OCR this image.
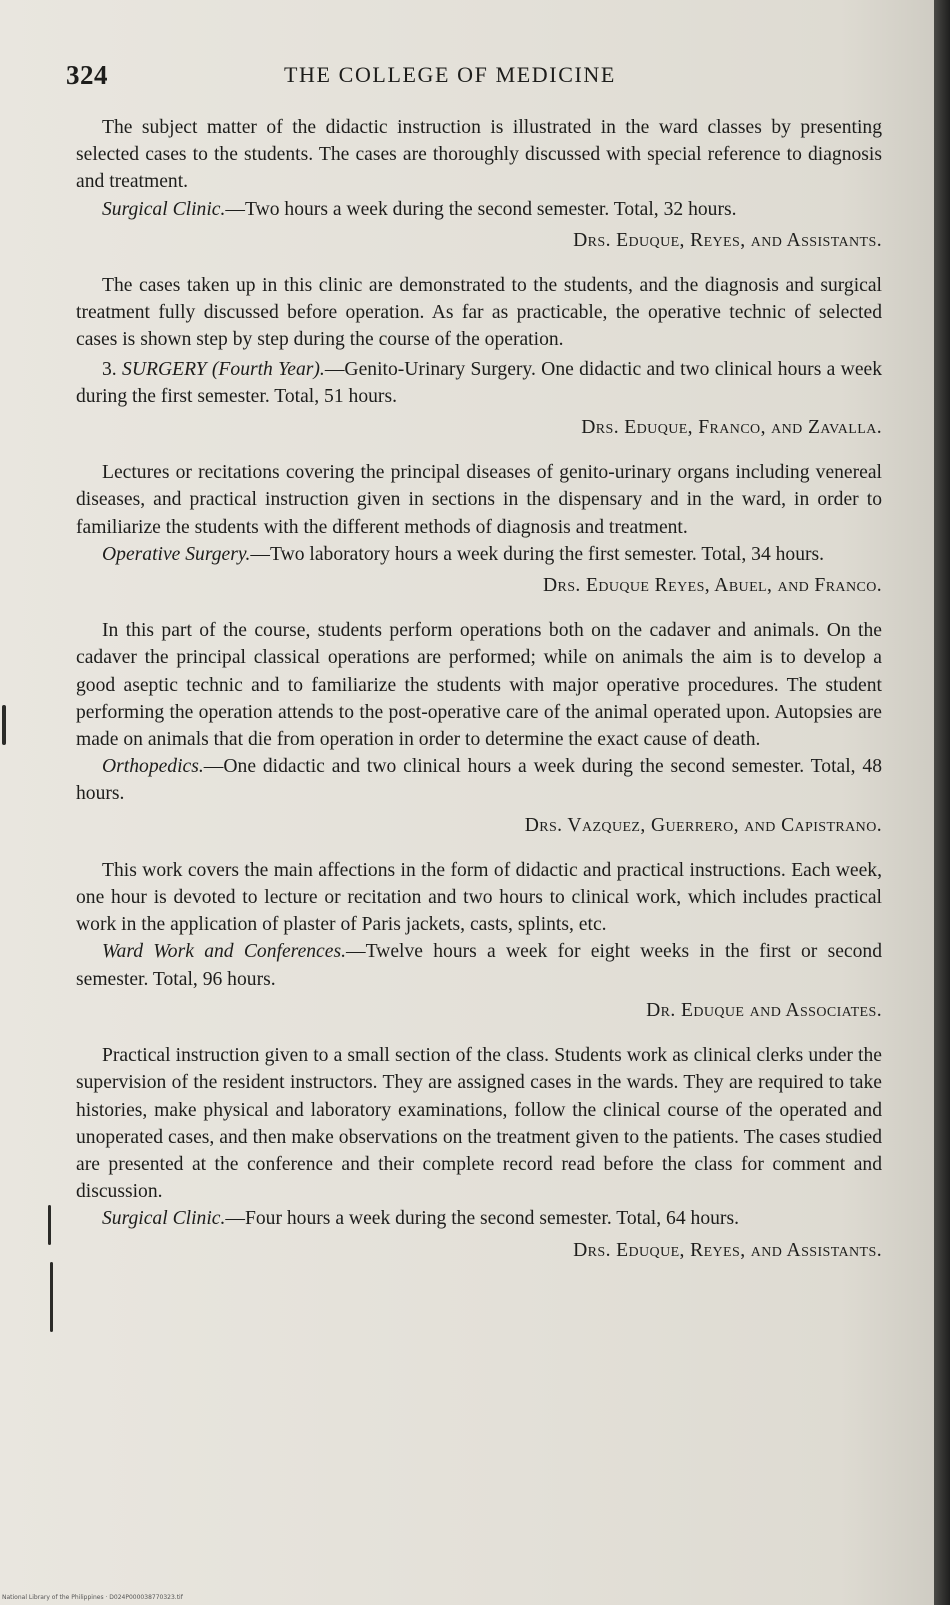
324	THE COLLEGE OF MEDICINE

The subject matter of the didactic instruction is illustrated in the ward classes by presenting selected cases to the students. The cases are thoroughly discussed with special reference to diagnosis and treatment.

Surgical Clinic.—Two hours a week during the second semester. Total, 32 hours.

Drs. Eduque, Reyes, and Assistants.

The cases taken up in this clinic are demonstrated to the students, and the diagnosis and surgical treatment fully discussed before operation. As far as practicable, the operative technic of selected cases is shown step by step during the course of the operation.

3. SURGERY (Fourth Year).—Genito-Urinary Surgery. One didactic and two clinical hours a week during the first semester. Total, 51 hours.

Drs. Eduque, Franco, and Zavalla.

Lectures or recitations covering the principal diseases of genito-urinary organs including venereal diseases, and practical instruction given in sections in the dispensary and in the ward, in order to familiarize the students with the different methods of diagnosis and treatment.

Operative Surgery.—Two laboratory hours a week during the first semester. Total, 34 hours.

Drs. Eduque Reyes, Abuel, and Franco.

In this part of the course, students perform operations both on the cadaver and animals. On the cadaver the principal classical operations are performed; while on animals the aim is to develop a good aseptic technic and to familiarize the students with major operative procedures. The student performing the operation attends to the post-operative care of the animal operated upon. Autopsies are made on animals that die from operation in order to determine the exact cause of death.

Orthopedics.—One didactic and two clinical hours a week during the second semester. Total, 48 hours.

Drs. Vazquez, Guerrero, and Capistrano.

This work covers the main affections in the form of didactic and practical instructions. Each week, one hour is devoted to lecture or recitation and two hours to clinical work, which includes practical work in the application of plaster of Paris jackets, casts, splints, etc.

Ward Work and Conferences.—Twelve hours a week for eight weeks in the first or second semester. Total, 96 hours.

Dr. Eduque and Associates.

Practical instruction given to a small section of the class. Students work as clinical clerks under the supervision of the resident instructors. They are assigned cases in the wards. They are required to take histories, make physical and laboratory examinations, follow the clinical course of the operated and unoperated cases, and then make observations on the treatment given to the patients. The cases studied are presented at the conference and their complete record read before the class for comment and discussion.

Surgical Clinic.—Four hours a week during the second semester. Total, 64 hours.

Drs. Eduque, Reyes, and Assistants.

National Library of the Philippines · D024P000038770323.tif
